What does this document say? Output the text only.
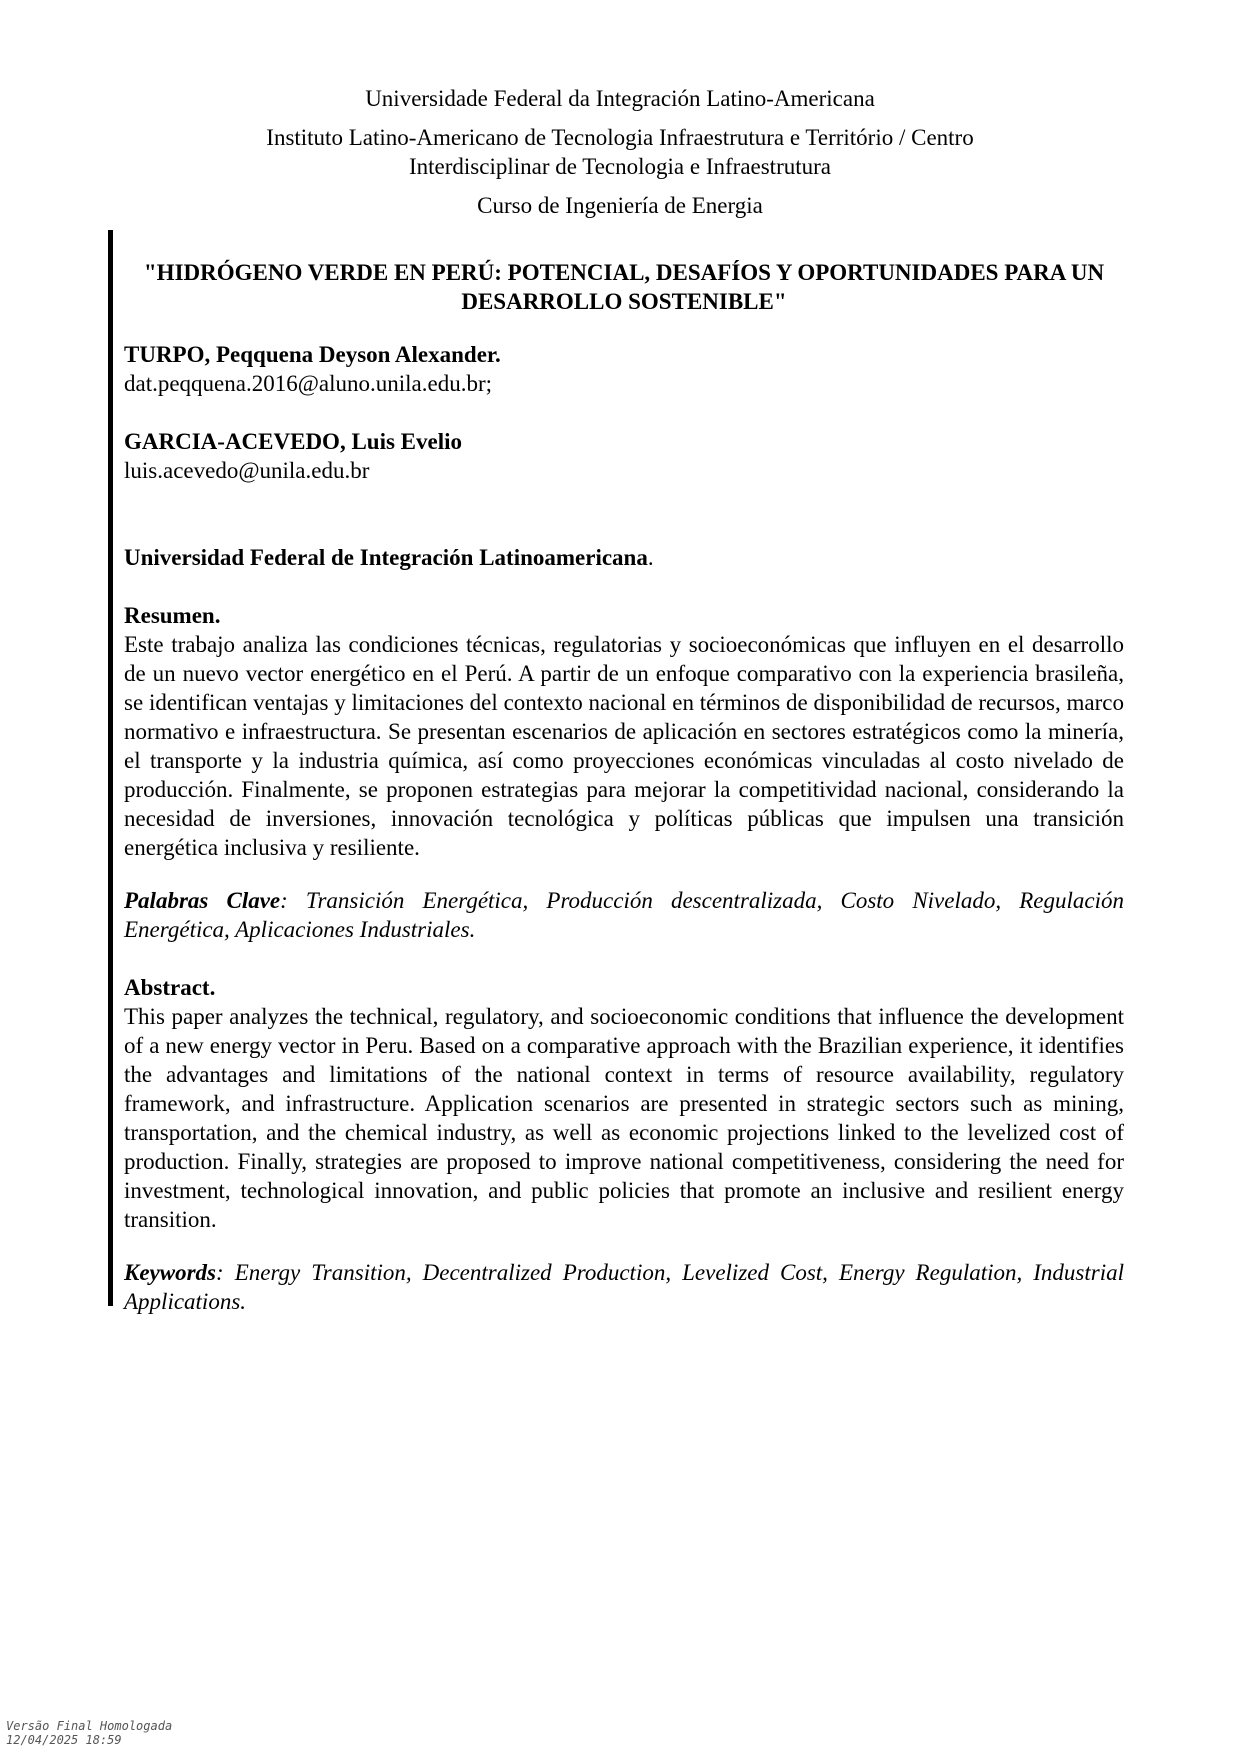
Universidade Federal da Integración Latino-Americana
Instituto Latino-Americano de Tecnologia Infraestrutura e Território / Centro Interdisciplinar de Tecnologia e Infraestrutura
Curso de Ingeniería de Energia

"HIDRÓGENO VERDE EN PERÚ: POTENCIAL, DESAFÍOS Y OPORTUNIDADES PARA UN DESARROLLO SOSTENIBLE"

TURPO, Peqquena Deyson Alexander.
dat.peqquena.2016@aluno.unila.edu.br;
GARCIA-ACEVEDO, Luis Evelio
luis.acevedo@unila.edu.br
Universidad Federal de Integración Latinoamericana.
Resumen.

Este trabajo analiza las condiciones técnicas, regulatorias y socioeconómicas que influyen en el desarrollo de un nuevo vector energético en el Perú. A partir de un enfoque comparativo con la experiencia brasileña, se identifican ventajas y limitaciones del contexto nacional en términos de disponibilidad de recursos, marco normativo e infraestructura. Se presentan escenarios de aplicación en sectores estratégicos como la minería, el transporte y la industria química, así como proyecciones económicas vinculadas al costo nivelado de producción. Finalmente, se proponen estrategias para mejorar la competitividad nacional, considerando la necesidad de inversiones, innovación tecnológica y políticas públicas que impulsen una transición energética inclusiva y resiliente.

Palabras Clave: Transición Energética, Producción descentralizada, Costo Nivelado, Regulación Energética, Aplicaciones Industriales.
Abstract.

This paper analyzes the technical, regulatory, and socioeconomic conditions that influence the development of a new energy vector in Peru. Based on a comparative approach with the Brazilian experience, it identifies the advantages and limitations of the national context in terms of resource availability, regulatory framework, and infrastructure. Application scenarios are presented in strategic sectors such as mining, transportation, and the chemical industry, as well as economic projections linked to the levelized cost of production. Finally, strategies are proposed to improve national competitiveness, considering the need for investment, technological innovation, and public policies that promote an inclusive and resilient energy transition.

Keywords: Energy Transition, Decentralized Production, Levelized Cost, Energy Regulation, Industrial Applications.
Versão Final Homologada
12/04/2025 18:59
